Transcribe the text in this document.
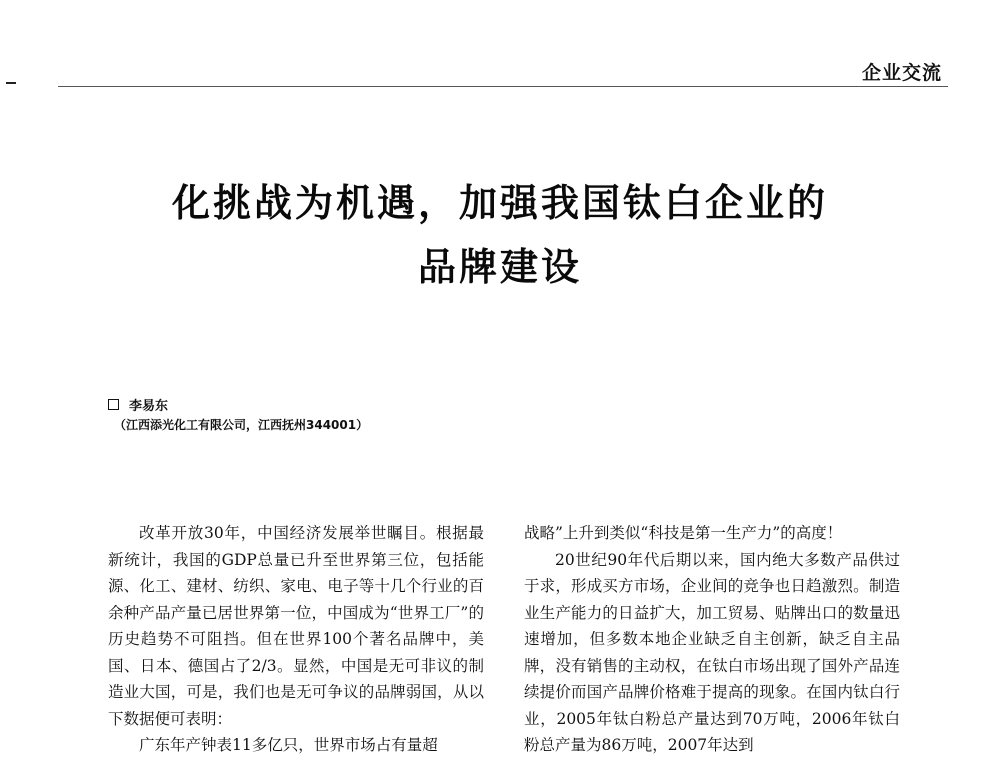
企业交流
化挑战为机遇，加强我国钛白企业的
品牌建设
李易东
（江西添光化工有限公司，江西抚州344001）

改革开放30年，中国经济发展举世瞩目。根据最新统计，我国的GDP总量已升至世界第三位，包括能源、化工、建材、纺织、家电、电子等十几个行业的百余种产品产量已居世界第一位，中国成为“世界工厂”的历史趋势不可阻挡。但在世界100个著名品牌中，美国、日本、德国占了2/3。显然，中国是无可非议的制造业大国，可是，我们也是无可争议的品牌弱国，从以下数据便可表明：

广东年产钟表11多亿只，世界市场占有量超

战略”上升到类似“科技是第一生产力”的高度！

20世纪90年代后期以来，国内绝大多数产品供过于求，形成买方市场，企业间的竞争也日趋激烈。制造业生产能力的日益扩大，加工贸易、贴牌出口的数量迅速增加，但多数本地企业缺乏自主创新，缺乏自主品牌，没有销售的主动权，在钛白市场出现了国外产品连续提价而国产品牌价格难于提高的现象。在国内钛白行业，2005年钛白粉总产量达到70万吨，2006年钛白粉总产量为86万吨，2007年达到
